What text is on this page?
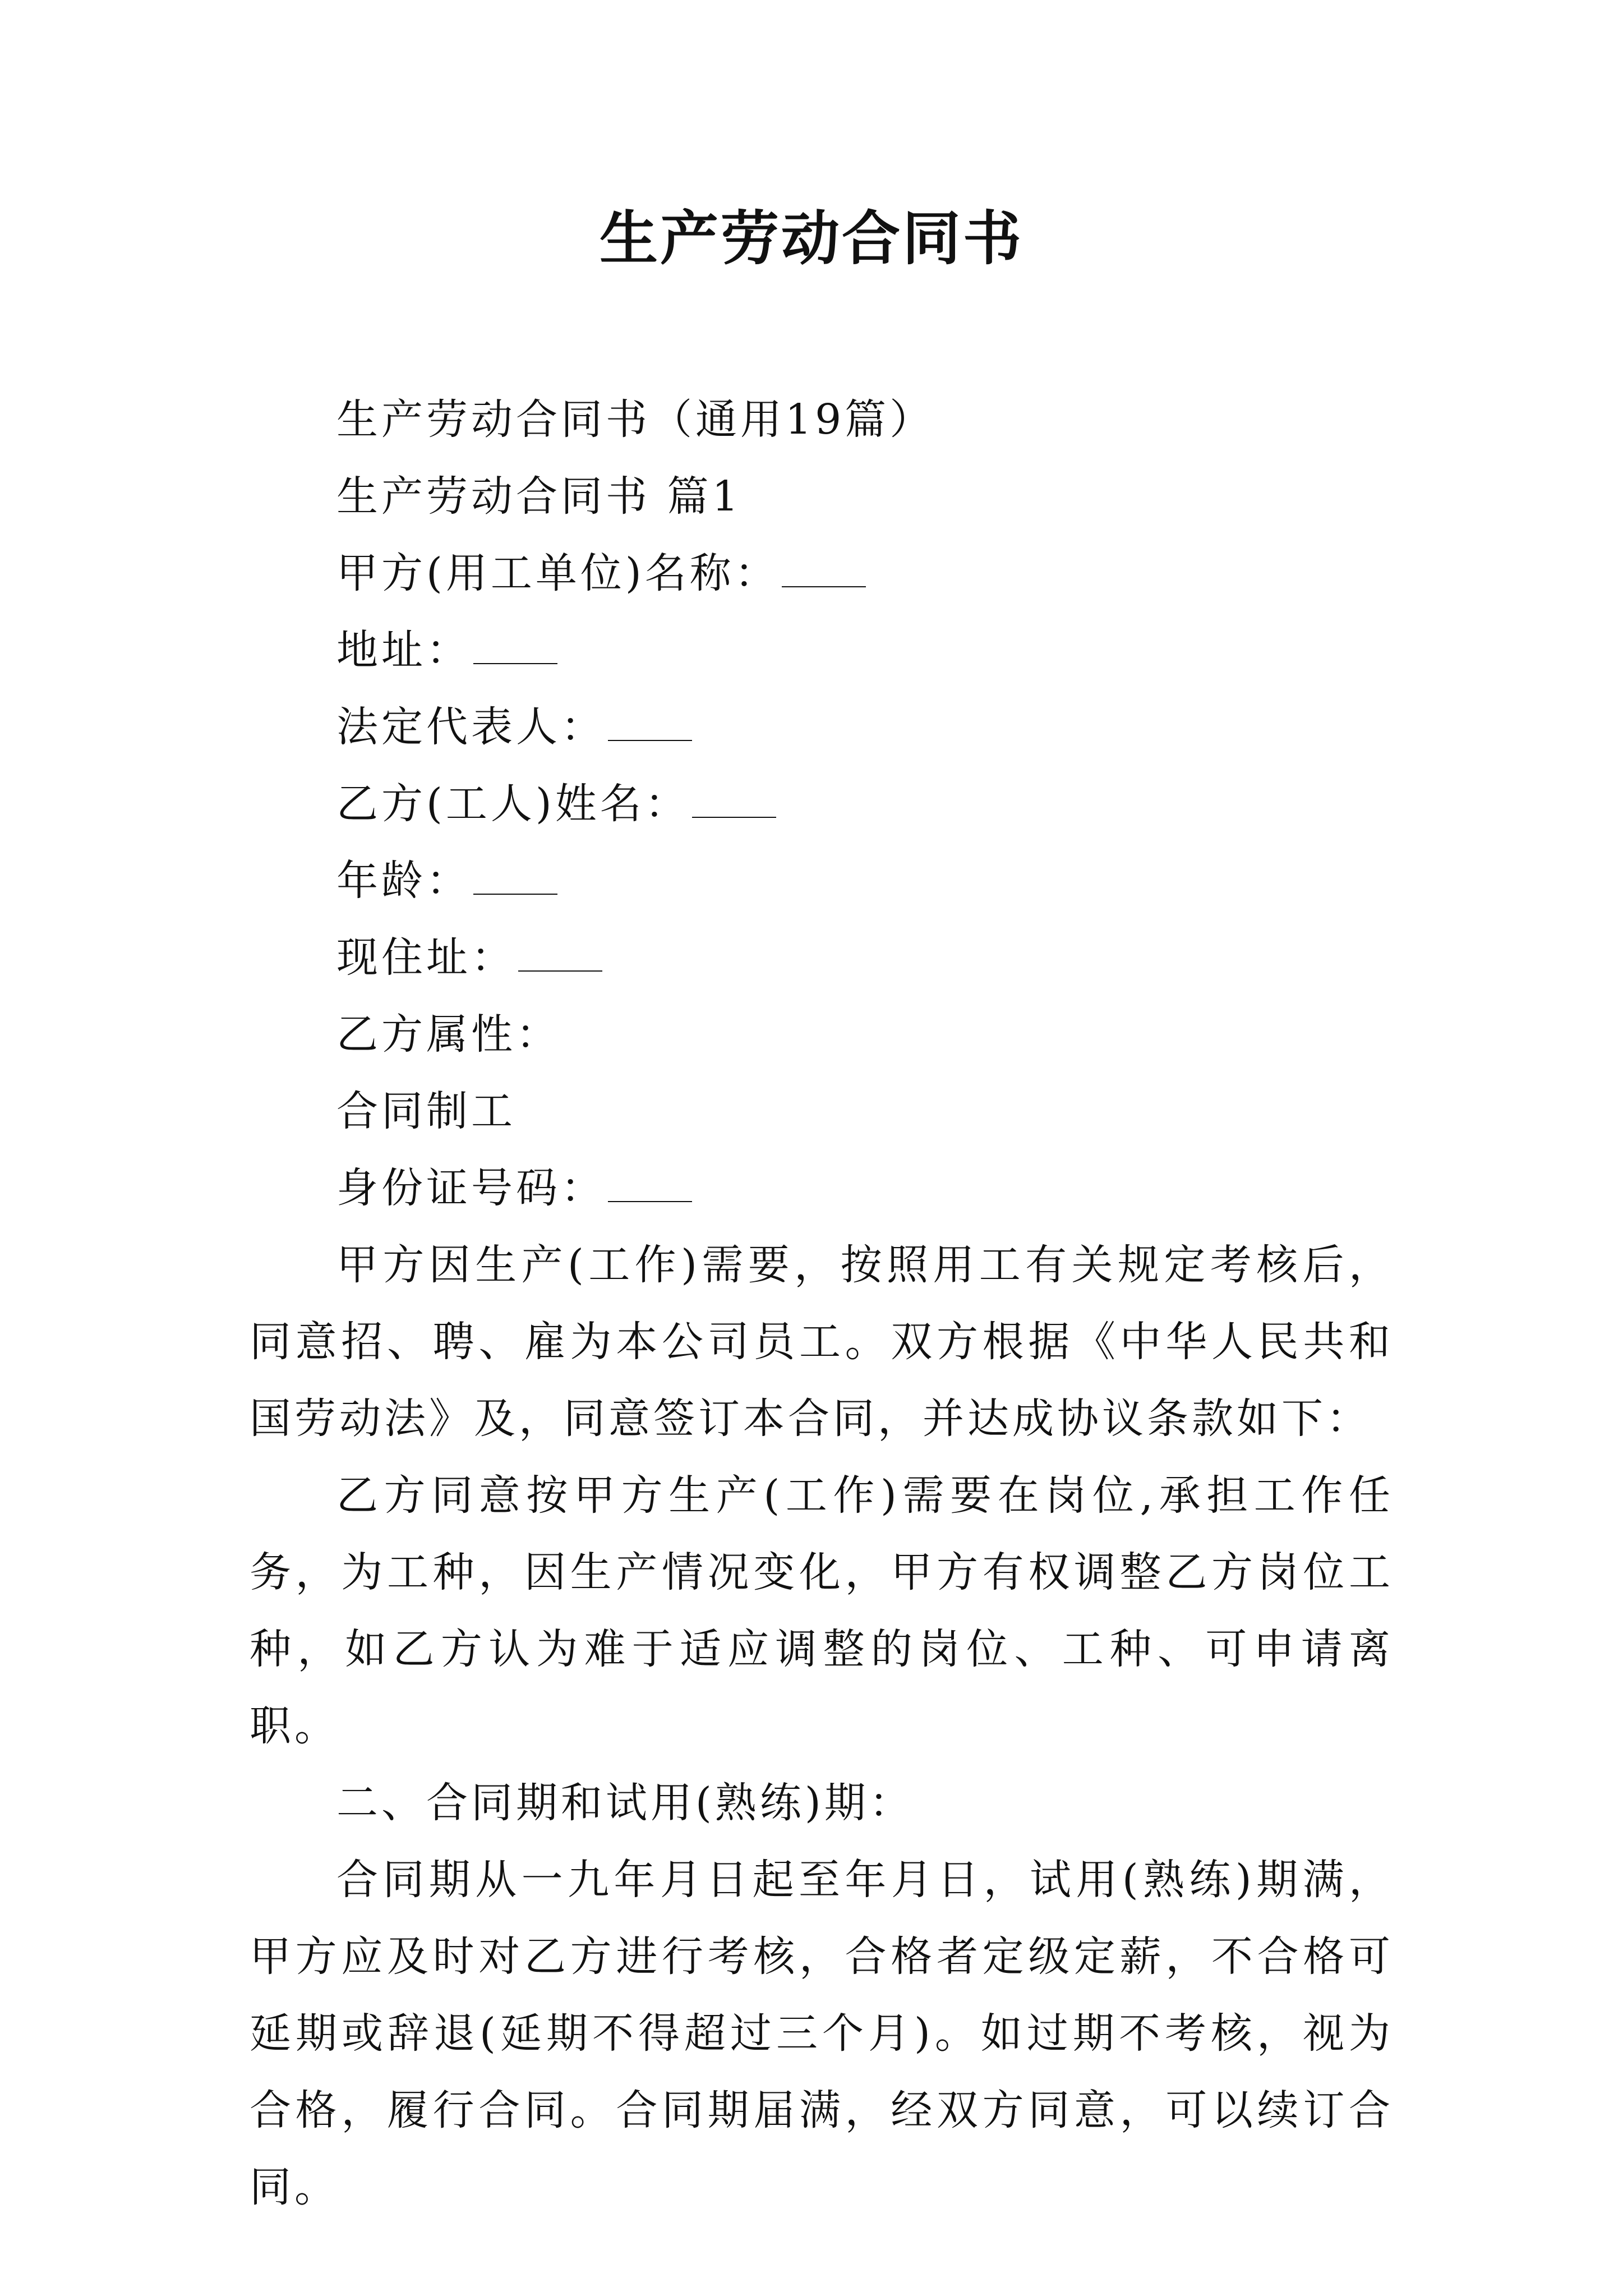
生产劳动合同书

生产劳动合同书（通用19篇）

生产劳动合同书 篇1

甲方(用工单位)名称：

地址：

法定代表人：

乙方(工人)姓名：

年龄：

现住址：

乙方属性：

合同制工

身份证号码：

甲方因生产(工作)需要，按照用工有关规定考核后，同意招、聘、雇为本公司员工。双方根据《中华人民共和国劳动法》及，同意签订本合同，并达成协议条款如下：

乙方同意按甲方生产(工作)需要在岗位,承担工作任务，为工种，因生产情况变化，甲方有权调整乙方岗位工种，如乙方认为难于适应调整的岗位、工种、可申请离职。

二、合同期和试用(熟练)期：

合同期从一九年月日起至年月日，试用(熟练)期满，甲方应及时对乙方进行考核，合格者定级定薪，不合格可延期或辞退(延期不得超过三个月)。如过期不考核，视为合格，履行合同。合同期届满，经双方同意，可以续订合同。
